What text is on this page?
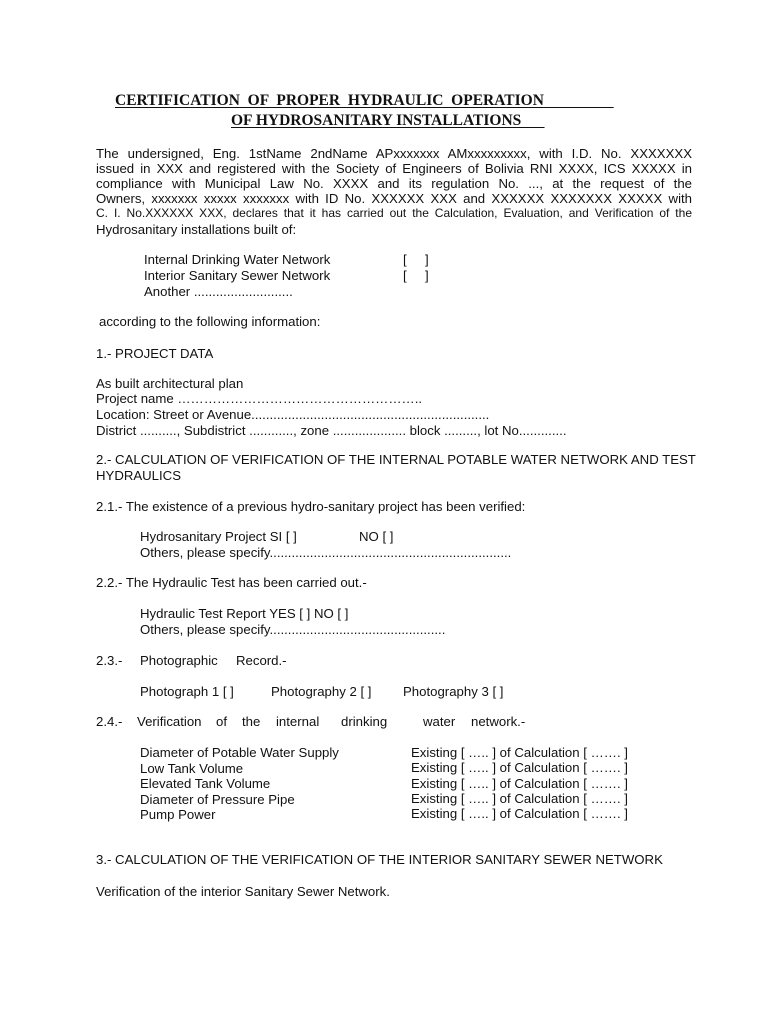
CERTIFICATION  OF  PROPER  HYDRAULIC  OPERATION
OF HYDROSANITARY INSTALLATIONS
The undersigned, Eng. 1stName 2ndName APxxxxxxx AMxxxxxxxxx, with I.D. No. XXXXXXX
issued in XXX and registered with the Society of Engineers of Bolivia RNI XXXX, ICS XXXXX in
compliance with Municipal Law No. XXXX and its regulation No. ..., at the request of the
Owners, xxxxxxx xxxxx xxxxxxx with ID No. XXXXXX XXX and XXXXXX XXXXXXX XXXXX with
C. I. No.XXXXXX XXX, declares that it has carried out the Calculation, Evaluation, and Verification of the
Hydrosanitary installations built of:
Internal Drinking Water Network	[     ]
Interior Sanitary Sewer Network	[     ]
Another ...........................
according to the following information:
1.- PROJECT DATA
As built architectural plan
Project name ………………………………………………..
Location: Street or Avenue.................................................................
District .........., Subdistrict ............, zone .................... block ........., lot No.............
2.- CALCULATION OF VERIFICATION OF THE INTERNAL POTABLE WATER NETWORK AND TEST
HYDRAULICS
2.1.- The existence of a previous hydro-sanitary project has been verified:
Hydrosanitary Project SI [ ]	NO [ ]
Others, please specify..................................................................
2.2.- The Hydraulic Test has been carried out.-
Hydraulic Test Report YES [ ] NO [ ]
Others, please specify................................................
2.3.- Photographic Record.-
Photograph 1 [ ]	Photography 2 [ ] Photography 3 [ ]
2.4.- Verification of the internal drinking	water network.-
Diameter of Potable Water Supply	Existing [ ….. ] of Calculation [ ……. ]
Low Tank Volume	Existing [ ….. ] of Calculation [ ……. ]
Elevated Tank Volume	Existing [ ….. ] of Calculation [ ……. ]
Diameter of Pressure Pipe	Existing [ ….. ] of Calculation [ ……. ]
Pump Power	Existing [ ….. ] of Calculation [ ……. ]
3.- CALCULATION OF THE VERIFICATION OF THE INTERIOR SANITARY SEWER NETWORK
Verification of the interior Sanitary Sewer Network.
